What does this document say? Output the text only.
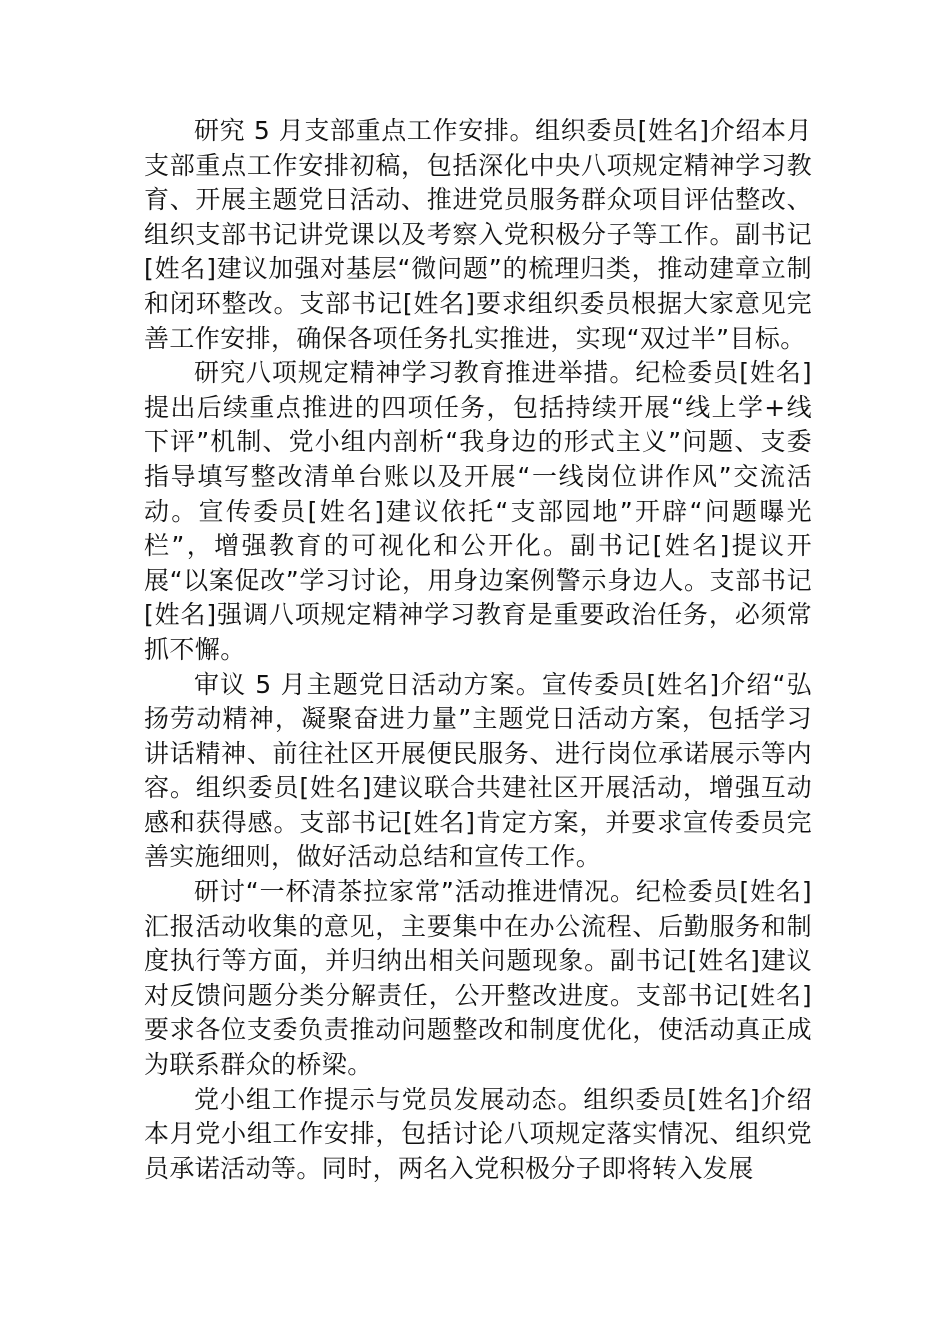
研究 5 月支部重点工作安排。组织委员[姓名]介绍本月支部重点工作安排初稿，包括深化中央八项规定精神学习教育、开展主题党日活动、推进党员服务群众项目评估整改、组织支部书记讲党课以及考察入党积极分子等工作。副书记[姓名]建议加强对基层“微问题”的梳理归类，推动建章立制和闭环整改。支部书记[姓名]要求组织委员根据大家意见完善工作安排，确保各项任务扎实推进，实现“双过半”目标。

研究八项规定精神学习教育推进举措。纪检委员[姓名]提出后续重点推进的四项任务，包括持续开展“线上学+线下评”机制、党小组内剖析“我身边的形式主义”问题、支委指导填写整改清单台账以及开展“一线岗位讲作风”交流活动。宣传委员[姓名]建议依托“支部园地”开辟“问题曝光栏”，增强教育的可视化和公开化。副书记[姓名]提议开展“以案促改”学习讨论，用身边案例警示身边人。支部书记[姓名]强调八项规定精神学习教育是重要政治任务，必须常抓不懈。

审议 5 月主题党日活动方案。宣传委员[姓名]介绍“弘扬劳动精神，凝聚奋进力量”主题党日活动方案，包括学习讲话精神、前往社区开展便民服务、进行岗位承诺展示等内容。组织委员[姓名]建议联合共建社区开展活动，增强互动感和获得感。支部书记[姓名]肯定方案，并要求宣传委员完善实施细则，做好活动总结和宣传工作。

研讨“一杯清茶拉家常”活动推进情况。纪检委员[姓名]汇报活动收集的意见，主要集中在办公流程、后勤服务和制度执行等方面，并归纳出相关问题现象。副书记[姓名]建议对反馈问题分类分解责任，公开整改进度。支部书记[姓名]要求各位支委负责推动问题整改和制度优化，使活动真正成为联系群众的桥梁。

党小组工作提示与党员发展动态。组织委员[姓名]介绍本月党小组工作安排，包括讨论八项规定落实情况、组织党员承诺活动等。同时，两名入党积极分子即将转入发展
